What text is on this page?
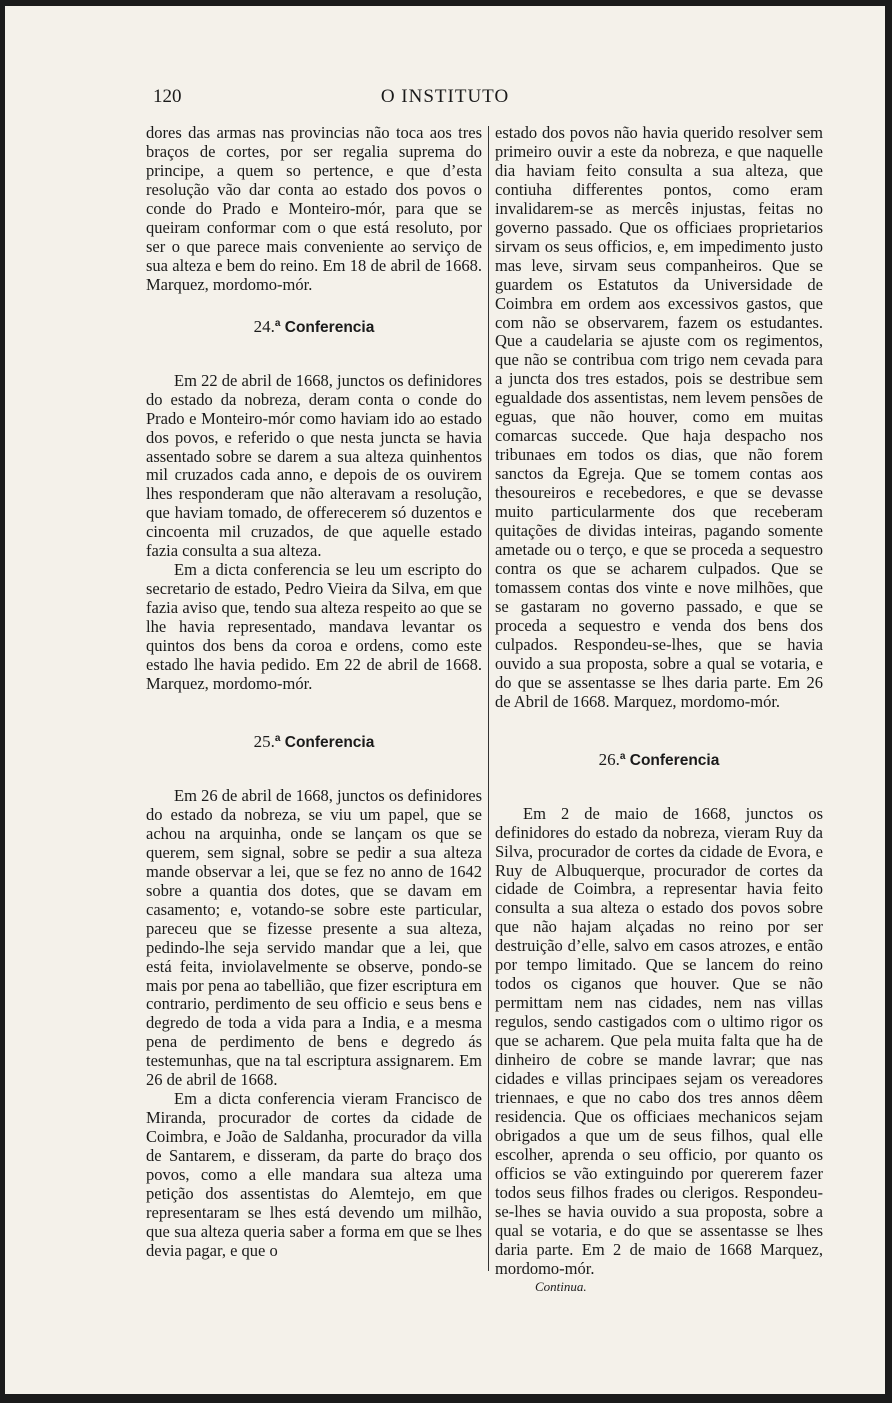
120	O INSTITUTO

dores das armas nas provincias não toca aos tres braços de cortes, por ser regalia suprema do principe, a quem so pertence, e que d’esta resolução vão dar conta ao estado dos povos o conde do Prado e Monteiro-mór, para que se queiram conformar com o que está resoluto, por ser o que parece mais conveniente ao serviço de sua alteza e bem do reino. Em 18 de abril de 1668. Marquez, mordomo-mór.

24.$^a$ Conferencia

Em 22 de abril de 1668, junctos os definidores do estado da nobreza, deram conta o conde do Prado e Monteiro-mór como haviam ido ao estado dos povos, e referido o que nesta juncta se havia assentado sobre se darem a sua alteza quinhentos mil cruzados cada anno, e depois de os ouvirem lhes responderam que não alteravam a resolução, que haviam tomado, de offerecerem só duzentos e cincoenta mil cruzados, de que aquelle estado fazia consulta a sua alteza.

Em a dicta conferencia se leu um escripto do secretario de estado, Pedro Vieira da Silva, em que fazia aviso que, tendo sua alteza respeito ao que se lhe havia representado, mandava levantar os quintos dos bens da coroa e ordens, como este estado lhe havia pedido. Em 22 de abril de 1668. Marquez, mordomo-mór.

25.$^a$ Conferencia

Em 26 de abril de 1668, junctos os definidores do estado da nobreza, se viu um papel, que se achou na arquinha, onde se lançam os que se querem, sem signal, sobre se pedir a sua alteza mande observar a lei, que se fez no anno de 1642 sobre a quantia dos dotes, que se davam em casamento; e, votando-se sobre este particular, pareceu que se fizesse presente a sua alteza, pedindo-lhe seja servido mandar que a lei, que está feita, inviolavelmente se observe, pondo-se mais por pena ao tabellião, que fizer escriptura em contrario, perdimento de seu officio e seus bens e degredo de toda a vida para a India, e a mesma pena de perdimento de bens e degredo ás testemunhas, que na tal escriptura assignarem. Em 26 de abril de 1668.

Em a dicta conferencia vieram Francisco de Miranda, procurador de cortes da cidade de Coimbra, e João de Saldanha, procurador da villa de Santarem, e disseram, da parte do braço dos povos, como a elle mandara sua alteza uma petição dos assentistas do Alemtejo, em que representaram se lhes está devendo um milhão, que sua alteza queria saber a forma em que se lhes devia pagar, e que o

estado dos povos não havia querido resolver sem primeiro ouvir a este da nobreza, e que naquelle dia haviam feito consulta a sua alteza, que contiuha differentes pontos, como eram invalidarem-se as mercês injustas, feitas no governo passado. Que os officiaes proprietarios sirvam os seus officios, e, em impedimento justo mas leve, sirvam seus companheiros. Que se guardem os Estatutos da Universidade de Coimbra em ordem aos excessivos gastos, que com não se observarem, fazem os estudantes. Que a caudelaria se ajuste com os regimentos, que não se contribua com trigo nem cevada para a juncta dos tres estados, pois se destribue sem egualdade dos assentistas, nem levem pensões de eguas, que não houver, como em muitas comarcas succede. Que haja despacho nos tribunaes em todos os dias, que não forem sanctos da Egreja. Que se tomem contas aos thesoureiros e recebedores, e que se devasse muito particularmente dos que receberam quitações de dividas inteiras, pagando somente ametade ou o terço, e que se proceda a sequestro contra os que se acharem culpados. Que se tomassem contas dos vinte e nove milhões, que se gastaram no governo passado, e que se proceda a sequestro e venda dos bens dos culpados. Respondeu-se-lhes, que se havia ouvido a sua proposta, sobre a qual se votaria, e do que se assentasse se lhes daria parte. Em 26 de Abril de 1668. Marquez, mordomo-mór.

26.$^a$ Conferencia

Em 2 de maio de 1668, junctos os definidores do estado da nobreza, vieram Ruy da Silva, procurador de cortes da cidade de Evora, e Ruy de Albuquerque, procurador de cortes da cidade de Coimbra, a representar havia feito consulta a sua alteza o estado dos povos sobre que não hajam alçadas no reino por ser destruição d’elle, salvo em casos atrozes, e então por tempo limitado. Que se lancem do reino todos os ciganos que houver. Que se não permittam nem nas cidades, nem nas villas regulos, sendo castigados com o ultimo rigor os que se acharem. Que pela muita falta que ha de dinheiro de cobre se mande lavrar; que nas cidades e villas principaes sejam os vereadores triennaes, e que no cabo dos tres annos dêem residencia. Que os officiaes mechanicos sejam obrigados a que um de seus filhos, qual elle escolher, aprenda o seu officio, por quanto os officios se vão extinguindo por quererem fazer todos seus filhos frades ou clerigos. Respondeu-se-lhes se havia ouvido a sua proposta, sobre a qual se votaria, e do que se assentasse se lhes daria parte. Em 2 de maio de 1668 Marquez, mordomo-mór.

Continua.
